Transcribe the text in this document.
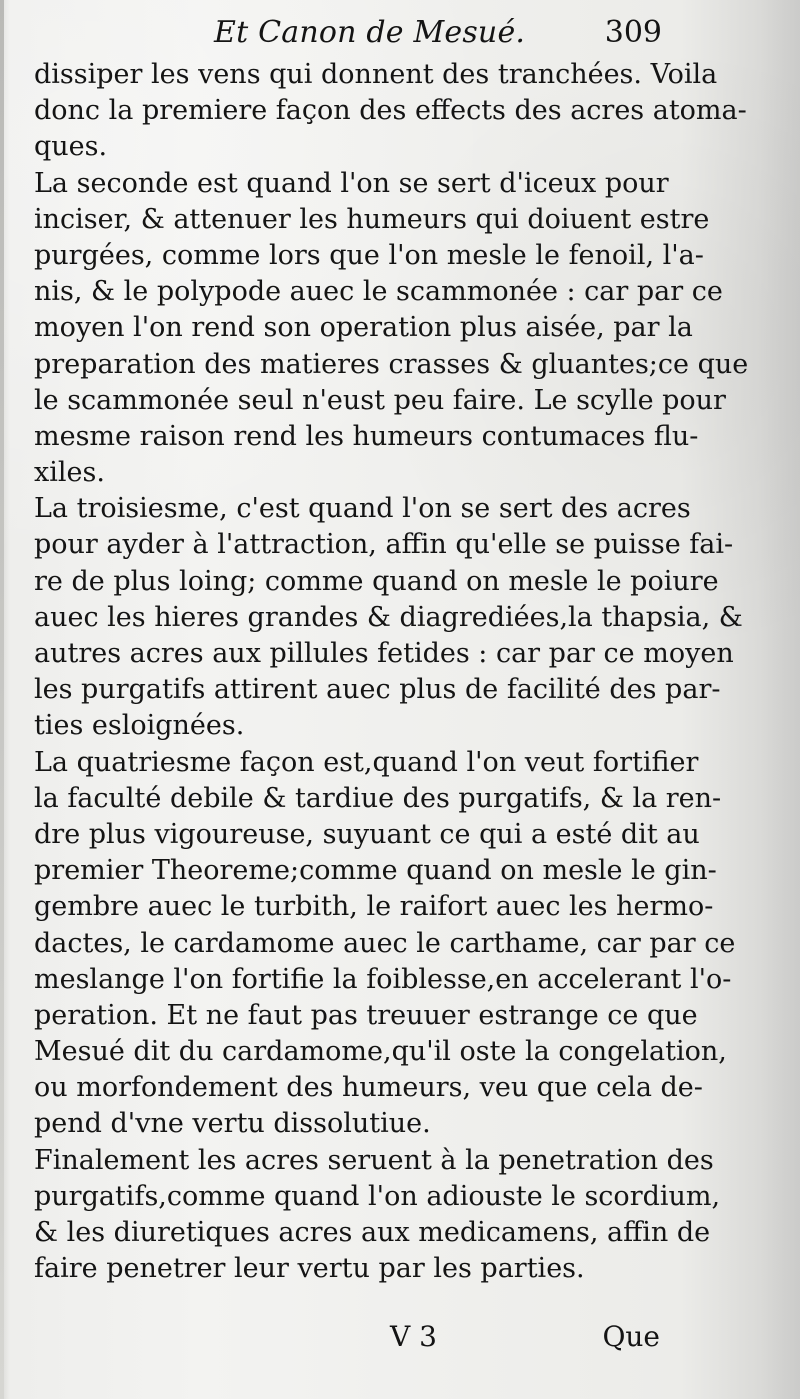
Et Canon de Mesué.	309
dissiper les vens qui donnent des tranchées. Voila
donc la premiere façon des effects des acres atoma-
ques.
La seconde est quand l'on se sert d'iceux pour
inciser, & attenuer les humeurs qui doiuent estre
purgées, comme lors que l'on mesle le fenoil, l'a-
nis, & le polypode auec le scammonée : car par ce
moyen l'on rend son operation plus aisée, par la
preparation des matieres crasses & gluantes;ce que
le scammonée seul n'eust peu faire. Le scylle pour
mesme raison rend les humeurs contumaces flu-
xiles.
La troisiesme, c'est quand l'on se sert des acres
pour ayder à l'attraction, affin qu'elle se puisse fai-
re de plus loing; comme quand on mesle le poiure
auec les hieres grandes & diagrediées,la thapsia, &
autres acres aux pillules fetides : car par ce moyen
les purgatifs attirent auec plus de facilité des par-
ties esloignées.
La quatriesme façon est,quand l'on veut fortifier
la faculté debile & tardiue des purgatifs, & la ren-
dre plus vigoureuse, suyuant ce qui a esté dit au
premier Theoreme;comme quand on mesle le gin-
gembre auec le turbith, le raifort auec les hermo-
dactes, le cardamome auec le carthame, car par ce
meslange l'on fortifie la foiblesse,en accelerant l'o-
peration. Et ne faut pas treuuer estrange ce que
Mesué dit du cardamome,qu'il oste la congelation,
ou morfondement des humeurs, veu que cela de-
pend d'vne vertu dissolutiue.
Finalement les acres seruent à la penetration des
purgatifs,comme quand l'on adiouste le scordium,
& les diuretiques acres aux medicamens, affin de
faire penetrer leur vertu par les parties.
V 3	Que
